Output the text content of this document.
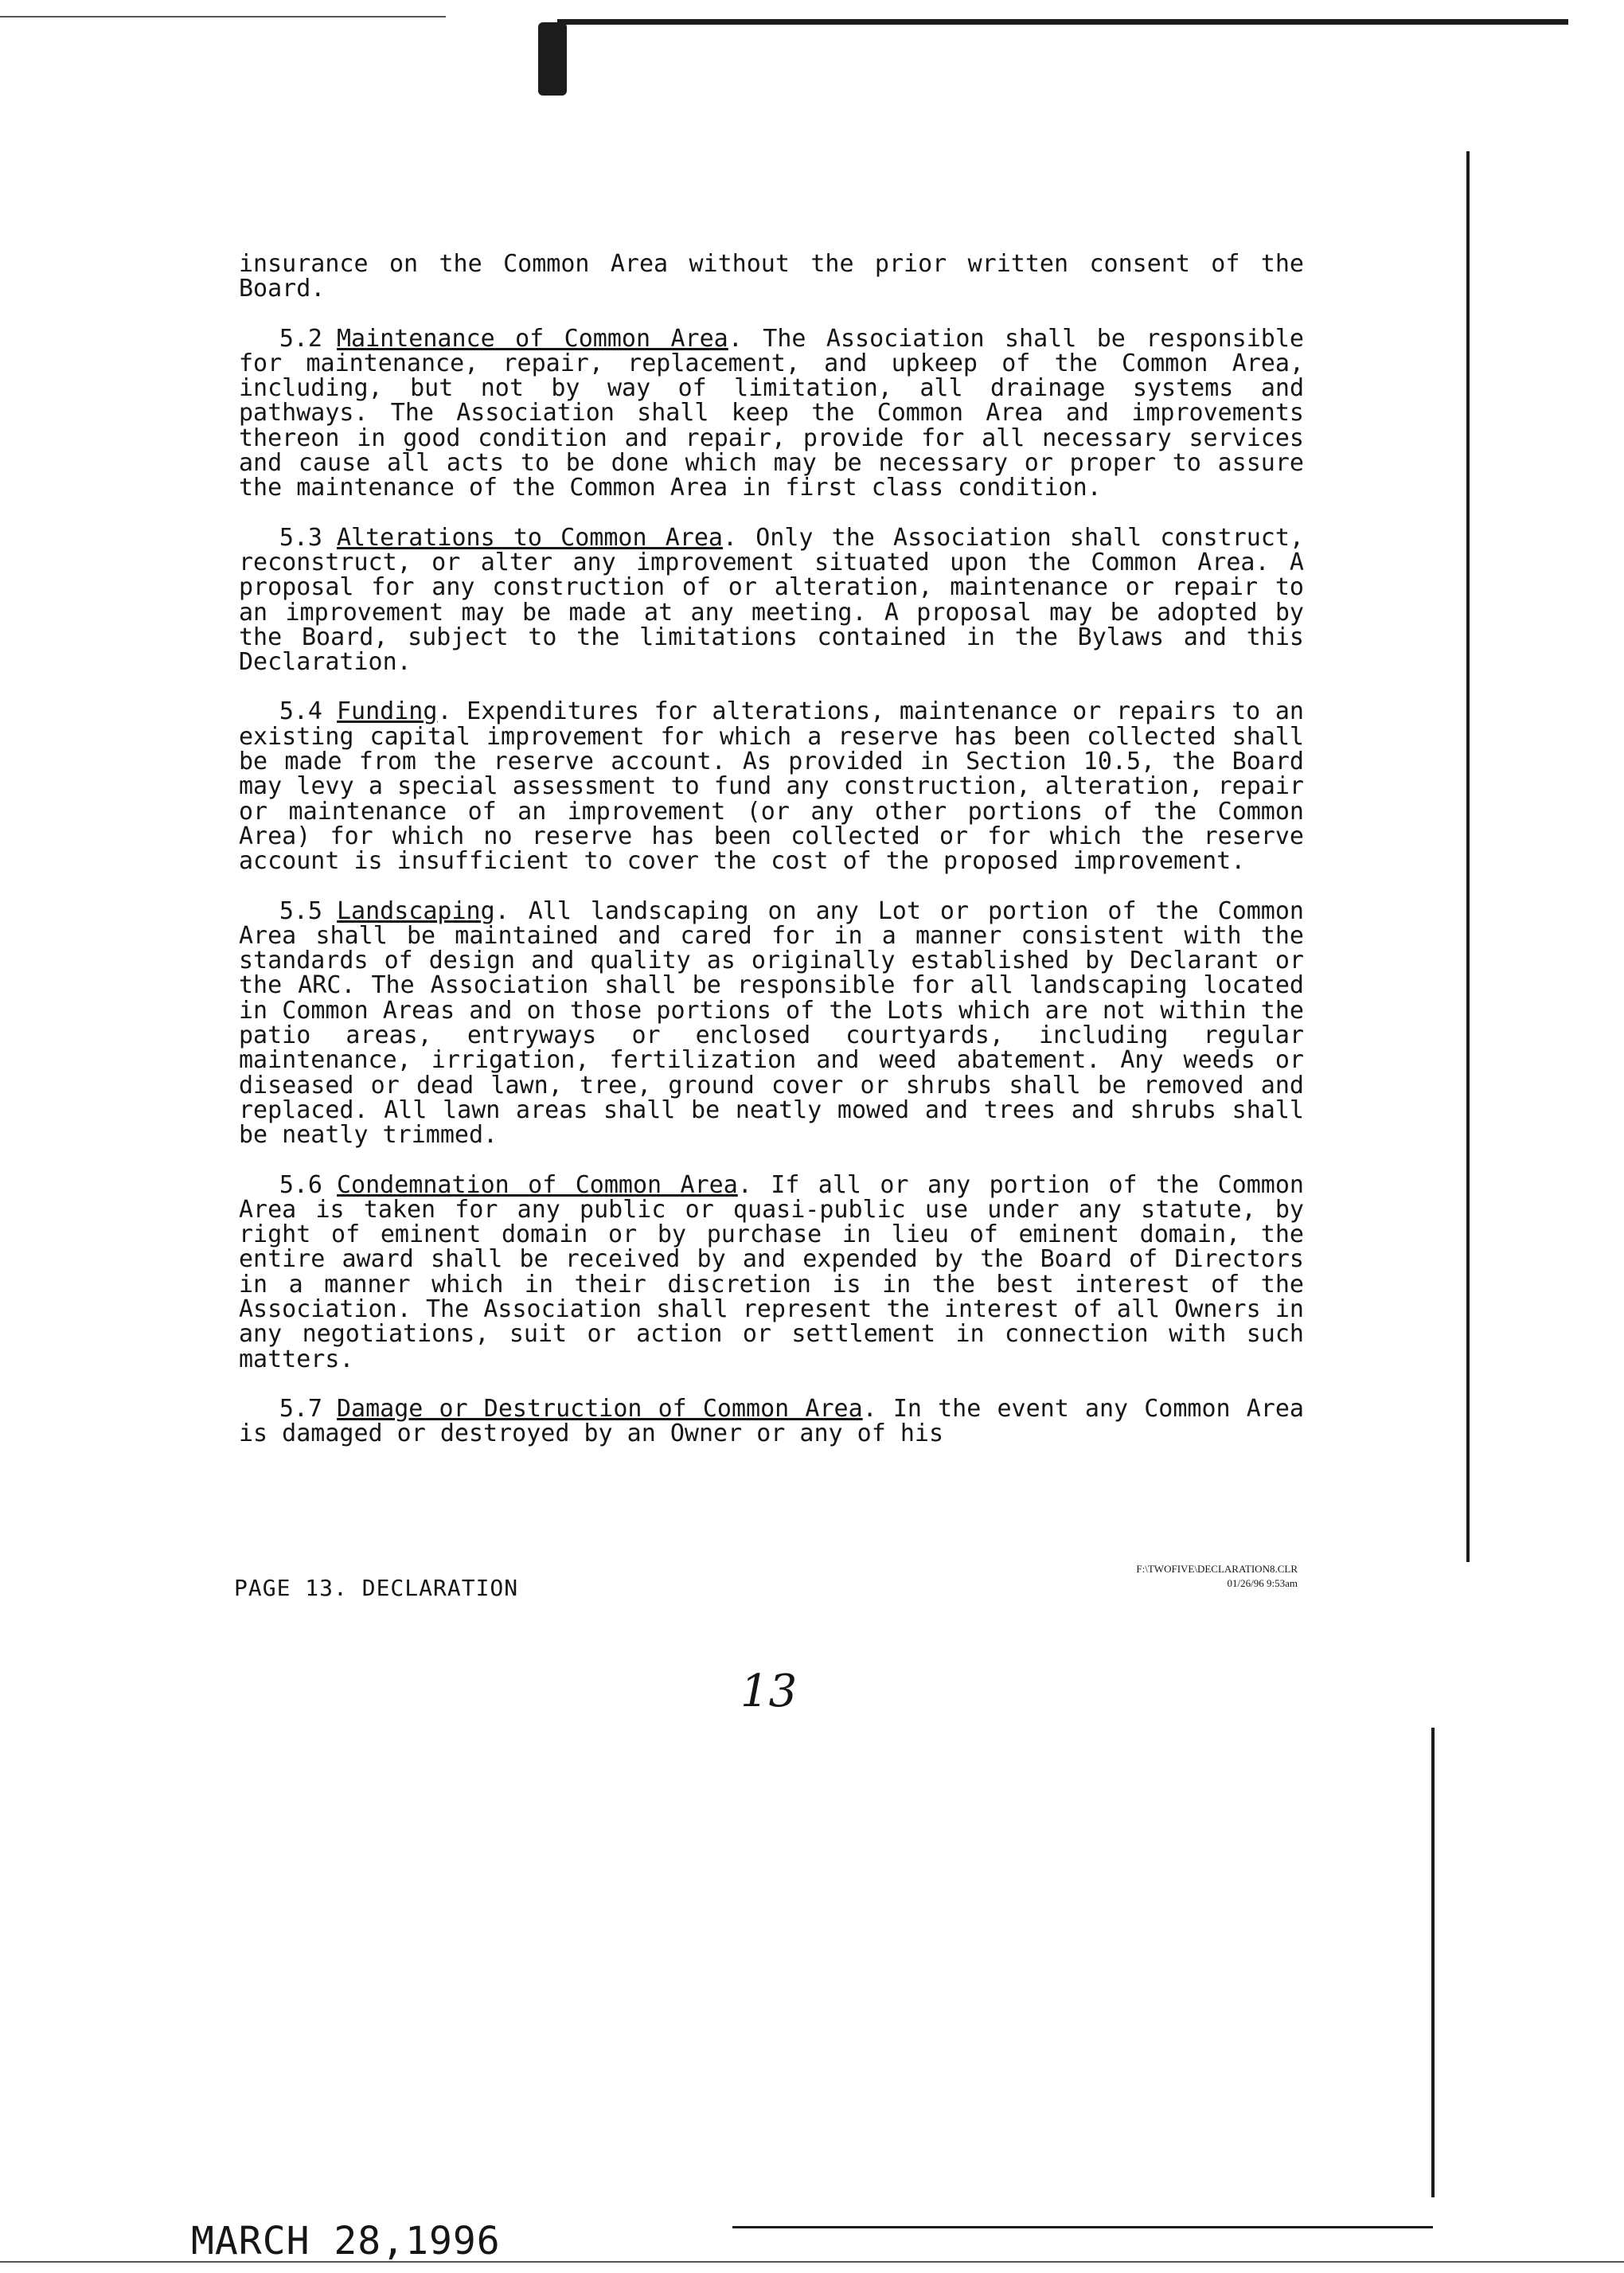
insurance on the Common Area without the prior written consent of the Board.

5.2 Maintenance of Common Area. The Association shall be responsible for maintenance, repair, replacement, and upkeep of the Common Area, including, but not by way of limitation, all drainage systems and pathways. The Association shall keep the Common Area and improvements thereon in good condition and repair, provide for all necessary services and cause all acts to be done which may be necessary or proper to assure the maintenance of the Common Area in first class condition.

5.3 Alterations to Common Area. Only the Association shall construct, reconstruct, or alter any improvement situated upon the Common Area. A proposal for any construction of or alteration, maintenance or repair to an improvement may be made at any meeting. A proposal may be adopted by the Board, subject to the limitations contained in the Bylaws and this Declaration.

5.4 Funding. Expenditures for alterations, maintenance or repairs to an existing capital improvement for which a reserve has been collected shall be made from the reserve account. As provided in Section 10.5, the Board may levy a special assessment to fund any construction, alteration, repair or maintenance of an improvement (or any other portions of the Common Area) for which no reserve has been collected or for which the reserve account is insufficient to cover the cost of the proposed improvement.

5.5 Landscaping. All landscaping on any Lot or portion of the Common Area shall be maintained and cared for in a manner consistent with the standards of design and quality as originally established by Declarant or the ARC. The Association shall be responsible for all landscaping located in Common Areas and on those portions of the Lots which are not within the patio areas, entryways or enclosed courtyards, including regular maintenance, irrigation, fertilization and weed abatement. Any weeds or diseased or dead lawn, tree, ground cover or shrubs shall be removed and replaced. All lawn areas shall be neatly mowed and trees and shrubs shall be neatly trimmed.

5.6 Condemnation of Common Area. If all or any portion of the Common Area is taken for any public or quasi-public use under any statute, by right of eminent domain or by purchase in lieu of eminent domain, the entire award shall be received by and expended by the Board of Directors in a manner which in their discretion is in the best interest of the Association. The Association shall represent the interest of all Owners in any negotiations, suit or action or settlement in connection with such matters.

5.7 Damage or Destruction of Common Area. In the event any Common Area is damaged or destroyed by an Owner or any of his

PAGE 13. DECLARATION
F:\TWOFIVE\DECLARATION8.CLR
01/26/96 9:53am
13
MARCH 28,1996
